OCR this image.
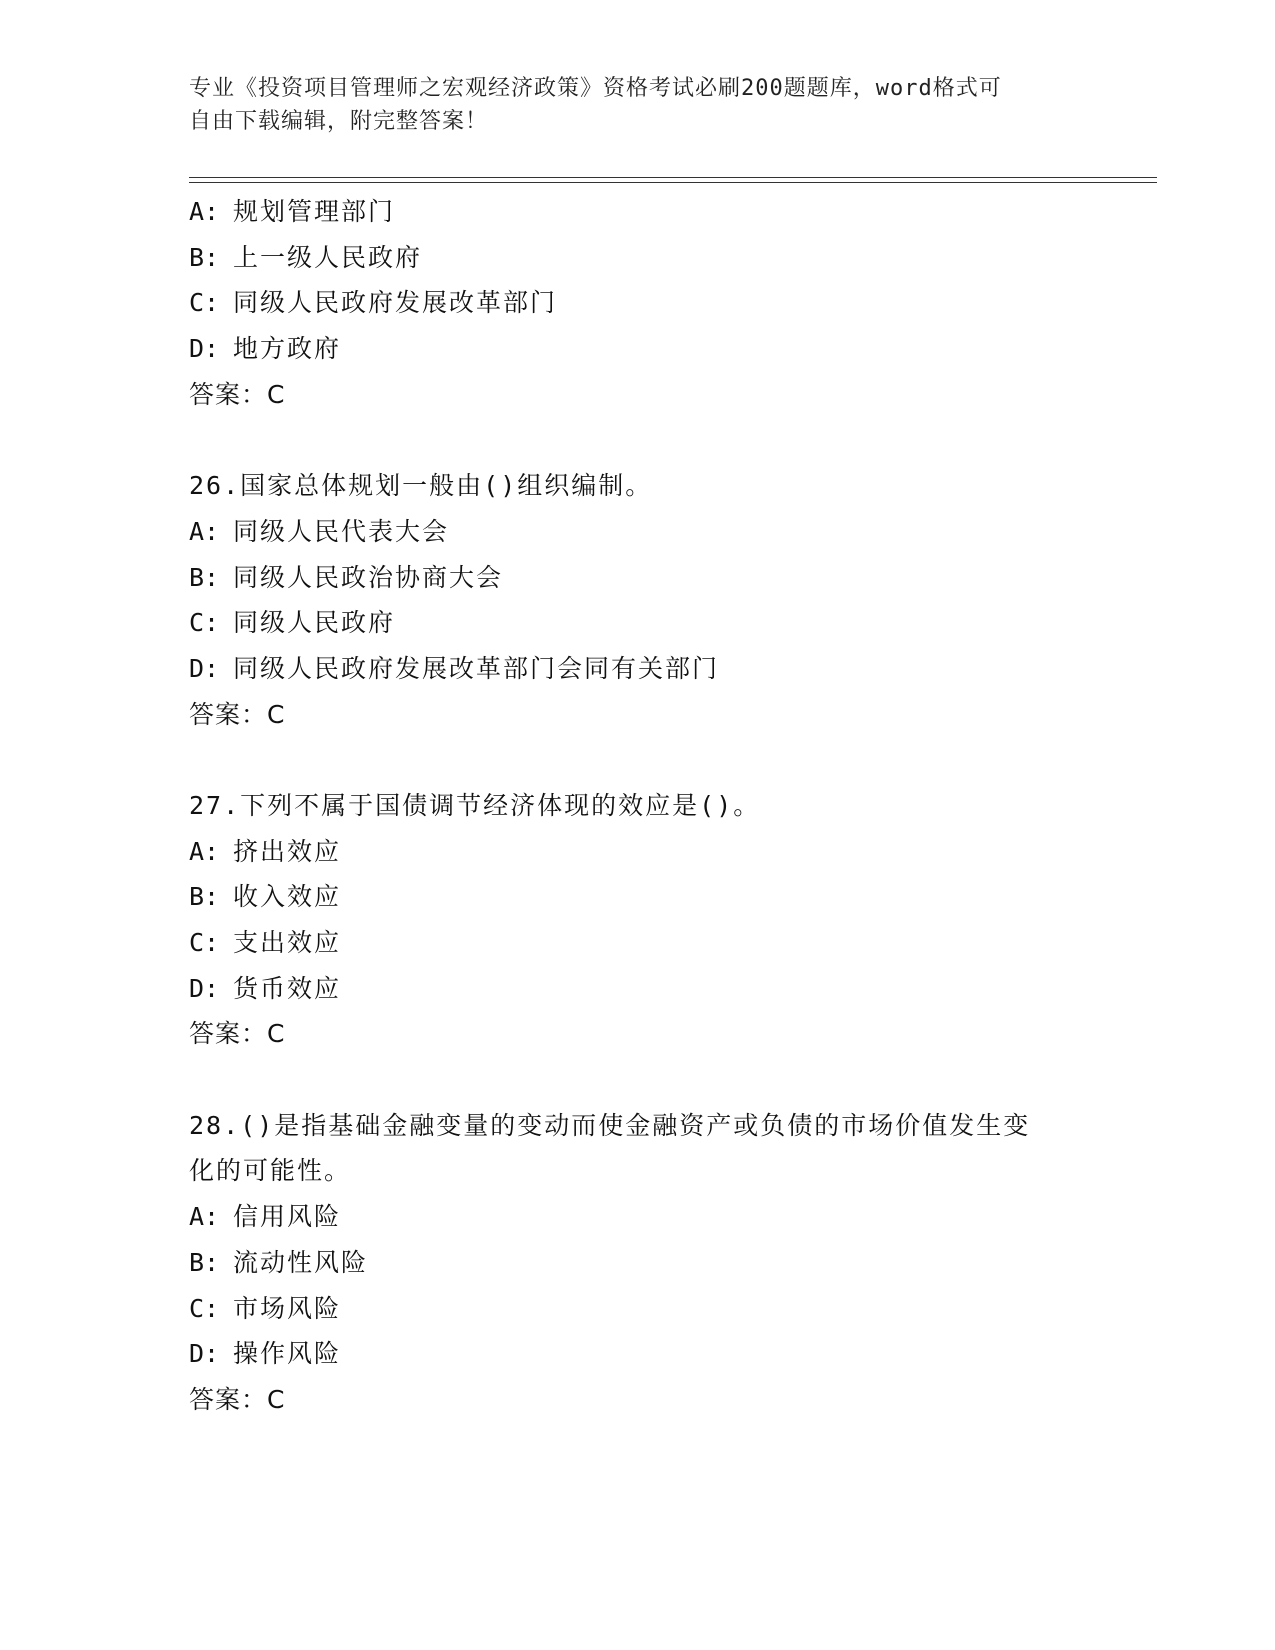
专业《投资项目管理师之宏观经济政策》资格考试必刷200题题库，word格式可
自由下载编辑，附完整答案！
A: 规划管理部门
B: 上一级人民政府
C: 同级人民政府发展改革部门
D: 地方政府
答案：C
26.国家总体规划一般由()组织编制。
A: 同级人民代表大会
B: 同级人民政治协商大会
C: 同级人民政府
D: 同级人民政府发展改革部门会同有关部门
答案：C
27.下列不属于国债调节经济体现的效应是()。
A: 挤出效应
B: 收入效应
C: 支出效应
D: 货币效应
答案：C
28.()是指基础金融变量的变动而使金融资产或负债的市场价值发生变
化的可能性。
A: 信用风险
B: 流动性风险
C: 市场风险
D: 操作风险
答案：C
